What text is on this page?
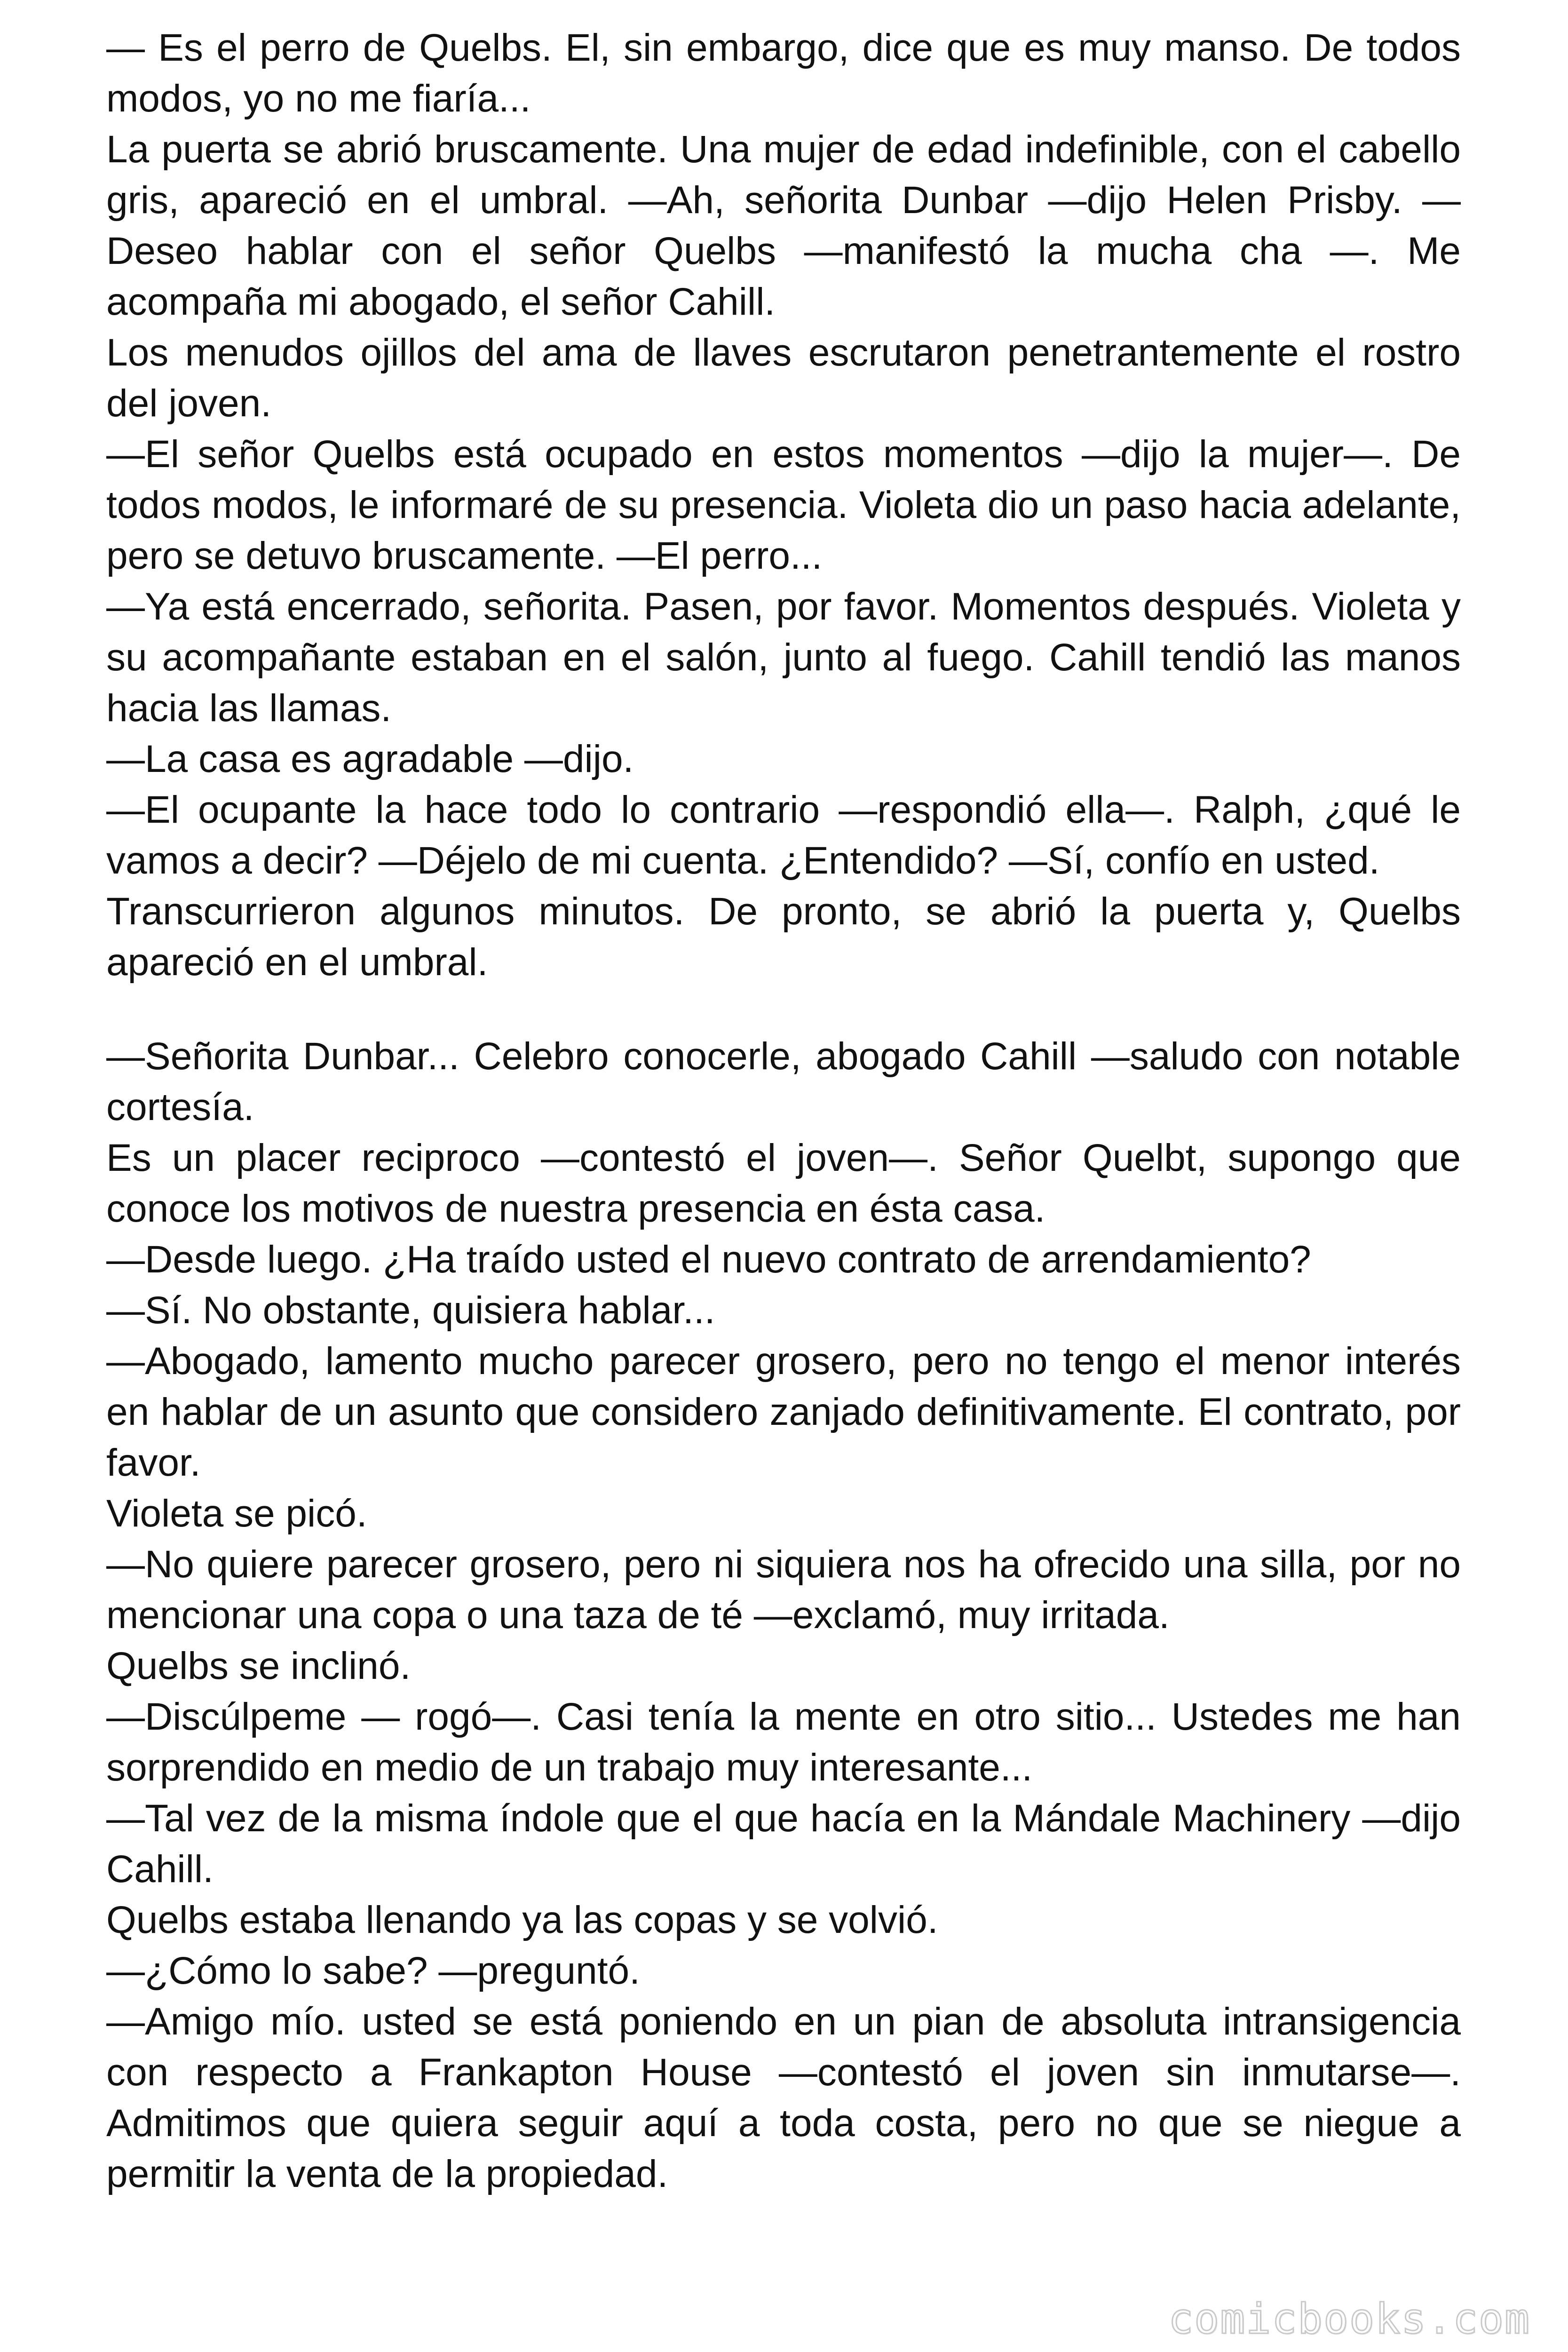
— Es el perro de Quelbs. El, sin embargo, dice que es muy manso. De todos modos, yo no me fiaría...

La puerta se abrió bruscamente. Una mujer de edad indefinible, con el cabello gris, apareció en el umbral. —Ah, señorita Dunbar —dijo Helen Prisby. —Deseo hablar con el señor Quelbs —manifestó la mucha cha —. Me acompaña mi abogado, el señor Cahill.

Los menudos ojillos del ama de llaves escrutaron penetrantemente el rostro del joven.

—El señor Quelbs está ocupado en estos momentos —dijo la mujer—. De todos modos, le informaré de su presencia. Violeta dio un paso hacia adelante, pero se detuvo bruscamente. —El perro...

—Ya está encerrado, señorita. Pasen, por favor. Momentos después. Violeta y su acompañante estaban en el salón, junto al fuego. Cahill tendió las manos hacia las llamas.

—La casa es agradable —dijo.

—El ocupante la hace todo lo contrario —respondió ella—. Ralph, ¿qué le vamos a decir? —Déjelo de mi cuenta. ¿Entendido? —Sí, confío en usted.

Transcurrieron algunos minutos. De pronto, se abrió la puerta y, Quelbs apareció en el umbral.

—Señorita Dunbar... Celebro conocerle, abogado Cahill —saludo con notable cortesía.

Es un placer reciproco —contestó el joven—. Señor Quelbt, supongo que conoce los motivos de nuestra presencia en ésta casa.

—Desde luego. ¿Ha traído usted el nuevo contrato de arrendamiento?

—Sí. No obstante, quisiera hablar...

—Abogado, lamento mucho parecer grosero, pero no tengo el menor interés en hablar de un asunto que considero zanjado definitivamente. El contrato, por favor.

Violeta se picó.

—No quiere parecer grosero, pero ni siquiera nos ha ofrecido una silla, por no mencionar una copa o una taza de té —exclamó, muy irritada.

Quelbs se inclinó.

—Discúlpeme — rogó—. Casi tenía la mente en otro sitio... Ustedes me han sorprendido en medio de un trabajo muy interesante...

—Tal vez de la misma índole que el que hacía en la Mándale Machinery —dijo Cahill.

Quelbs estaba llenando ya las copas y se volvió.

—¿Cómo lo sabe? —preguntó.

—Amigo mío. usted se está poniendo en un pian de absoluta intransigencia con respecto a Frankapton House —contestó el joven sin inmutarse—. Admitimos que quiera seguir aquí a toda costa, pero no que se niegue a permitir la venta de la propiedad.

comicbooks.com
